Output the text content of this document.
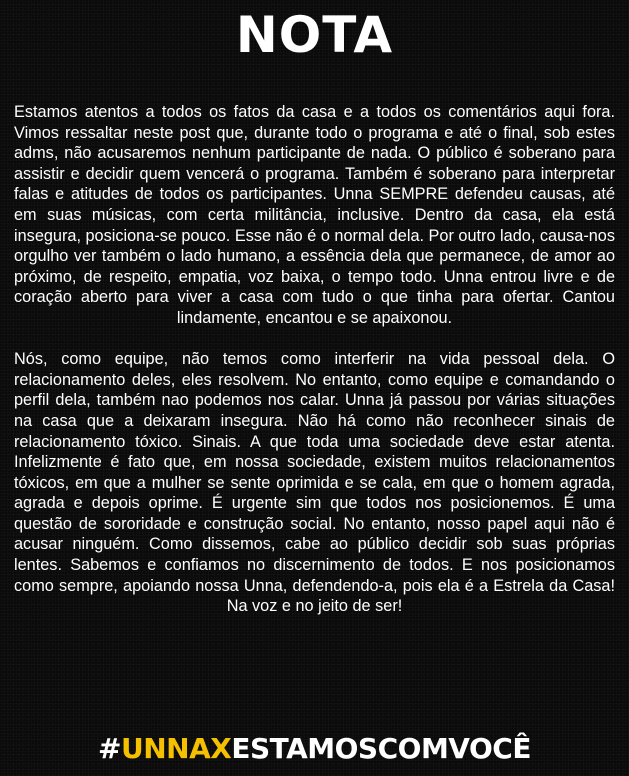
NOTA

Estamos atentos a todos os fatos da casa e a todos os comentários aqui fora. Vimos ressaltar neste post que, durante todo o programa e até o final, sob estes adms, não acusaremos nenhum participante de nada. O público é soberano para assistir e decidir quem vencerá o programa. Também é soberano para interpretar falas e atitudes de todos os participantes. Unna SEMPRE defendeu causas, até em suas músicas, com certa militância, inclusive. Dentro da casa, ela está insegura, posiciona-se pouco. Esse não é o normal dela. Por outro lado, causa-nos orgulho ver também o lado humano, a essência dela que permanece, de amor ao próximo, de respeito, empatia, voz baixa, o tempo todo. Unna entrou livre e de coração aberto para viver a casa com tudo o que tinha para ofertar. Cantou lindamente, encantou e se apaixonou.

Nós, como equipe, não temos como interferir na vida pessoal dela. O relacionamento deles, eles resolvem. No entanto, como equipe e comandando o perfil dela, também nao podemos nos calar. Unna já passou por várias situações na casa que a deixaram insegura. Não há como não reconhecer sinais de relacionamento tóxico. Sinais. A que toda uma sociedade deve estar atenta. Infelizmente é fato que, em nossa sociedade, existem muitos relacionamentos tóxicos, em que a mulher se sente oprimida e se cala, em que o homem agrada, agrada e depois oprime. É urgente sim que todos nos posicionemos. É uma questão de sororidade e construção social. No entanto, nosso papel aqui não é acusar ninguém. Como dissemos, cabe ao público decidir sob suas próprias lentes. Sabemos e confiamos no discernimento de todos. E nos posicionamos como sempre, apoiando nossa Unna, defendendo-a, pois ela é a Estrela da Casa! Na voz e no jeito de ser!

#UNNAXESTAMOSCOMVOCÊ
